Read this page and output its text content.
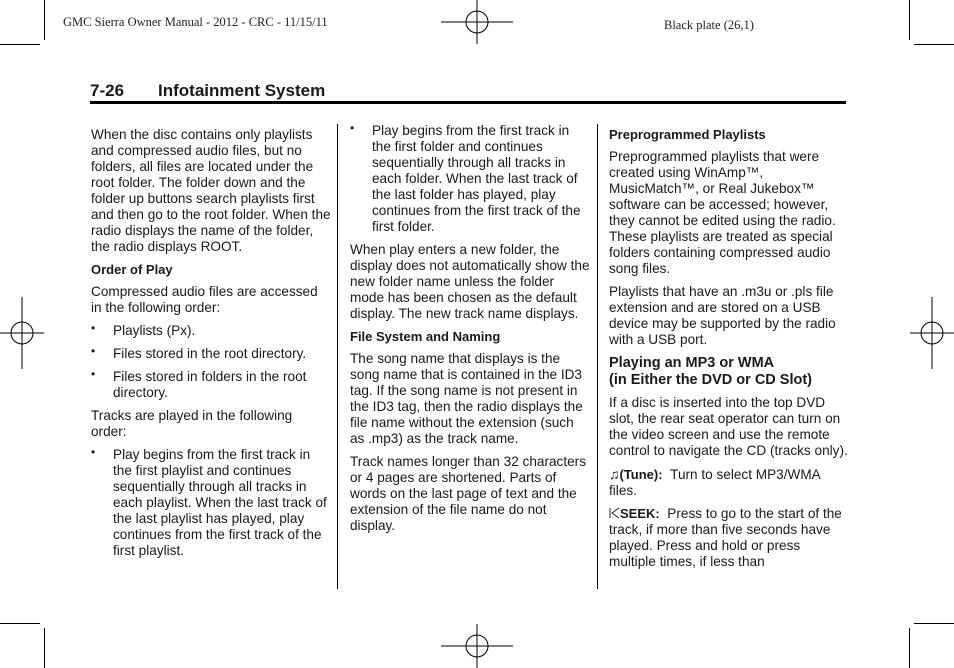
GMC Sierra Owner Manual - 2012 - CRC - 11/15/11	Black plate (26,1)
7-26 Infotainment System

When the disc contains only playlists and compressed audio files, but no folders, all files are located under the root folder. The folder down and the folder up buttons search playlists first and then go to the root folder. When the radio displays the name of the folder, the radio displays ROOT.

Order of Play

Compressed audio files are accessed in the following order:

• Playlists (Px).
• Files stored in the root directory.
• Files stored in folders in the root directory.

Tracks are played in the following order:

• Play begins from the first track in the first playlist and continues sequentially through all tracks in each playlist. When the last track of the last playlist has played, play continues from the first track of the first playlist.
• Play begins from the first track in the first folder and continues sequentially through all tracks in each folder. When the last track of the last folder has played, play continues from the first track of the first folder.

When play enters a new folder, the display does not automatically show the new folder name unless the folder mode has been chosen as the default display. The new track name displays.

File System and Naming

The song name that displays is the song name that is contained in the ID3 tag. If the song name is not present in the ID3 tag, then the radio displays the file name without the extension (such as .mp3) as the track name.

Track names longer than 32 characters or 4 pages are shortened. Parts of words on the last page of text and the extension of the file name do not display.

Preprogrammed Playlists

Preprogrammed playlists that were created using WinAmp™, MusicMatch™, or Real Jukebox™ software can be accessed; however, they cannot be edited using the radio. These playlists are treated as special folders containing compressed audio song files.

Playlists that have an .m3u or .pls file extension and are stored on a USB device may be supported by the radio with a USB port.

Playing an MP3 or WMA
(in Either the DVD or CD Slot)

If a disc is inserted into the top DVD slot, the rear seat operator can turn on the video screen and use the remote control to navigate the CD (tracks only).

♫(Tune): Turn to select MP3/WMA files.

SEEK: Press to go to the start of the track, if more than five seconds have played. Press and hold or press multiple times, if less than
